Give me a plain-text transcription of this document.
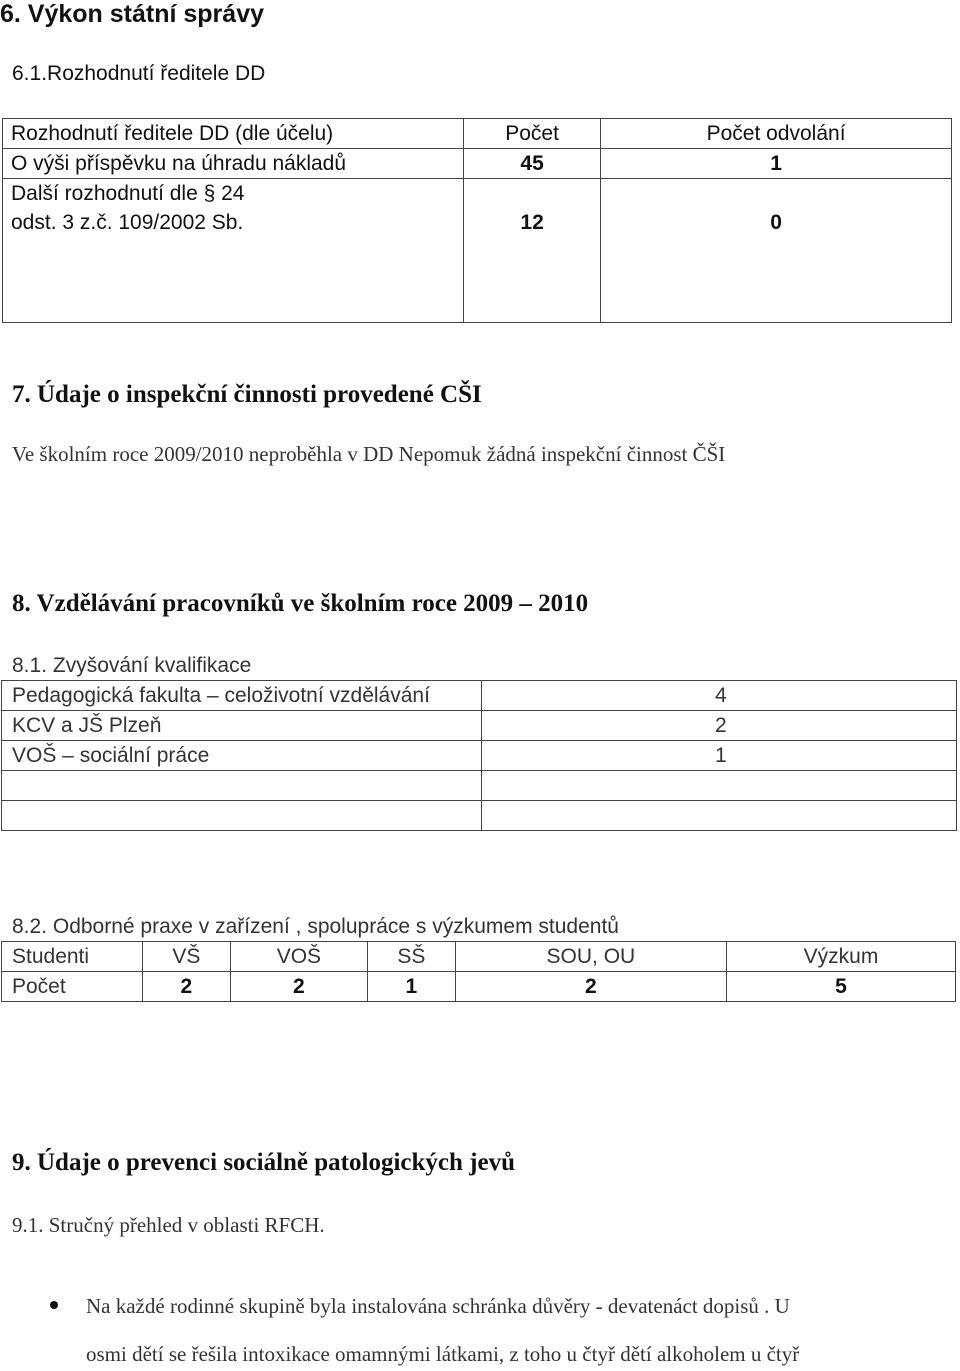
6. Výkon státní správy
6.1.Rozhodnutí ředitele DD
Rozhodnutí ředitele DD (dle účelu)	Počet	Počet odvolání
O výši příspěvku na úhradu nákladů	45	1

Další rozhodnutí dle § 24
odst. 3 z.č. 109/2002 Sb.	12	0
7. Údaje o inspekční činnosti provedené CŠI
Ve školním roce 2009/2010 neproběhla v DD Nepomuk žádná inspekční činnost ČŠI
8. Vzdělávání pracovníků ve školním roce 2009 – 2010
8.1. Zvyšování kvalifikace
Pedagogická fakulta – celoživotní vzdělávání	4
KCV a JŠ Plzeň	2
VOŠ – sociální práce	1

8.2. Odborné praxe v zařízení , spolupráce s výzkumem studentů
Studenti	VŠ	VOŠ	SŠ	SOU, OU	Výzkum
Počet	2	2	1	2	5
9. Údaje o prevenci sociálně patologických jevů
9.1. Stručný přehled v oblasti RFCH.
Na každé rodinné skupině byla instalována schránka důvěry - devatenáct dopisů . U
osmi dětí se řešila intoxikace omamnými látkami, z toho u čtyř dětí alkoholem u čtyř
